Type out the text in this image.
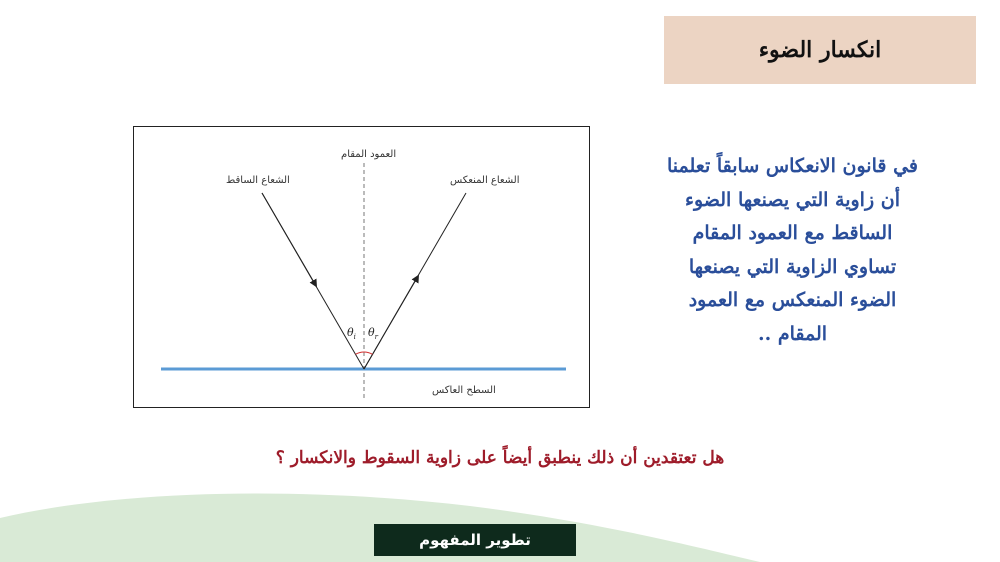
انكسار الضوء
العمود المقام
الشعاع الساقط	الشعاع المنعكس
السطح العاكس
$\theta_i$ $\theta_r$
في قانون الانعكاس سابقاً تعلمنا
أن زاوية التي يصنعها الضوء
الساقط مع العمود المقام
تساوي الزاوية التي يصنعها
الضوء المنعكس مع العمود
المقام ..
هل تعتقدين أن ذلك ينطبق أيضاً على زاوية السقوط والانكسار ؟
تطوير المفهوم
